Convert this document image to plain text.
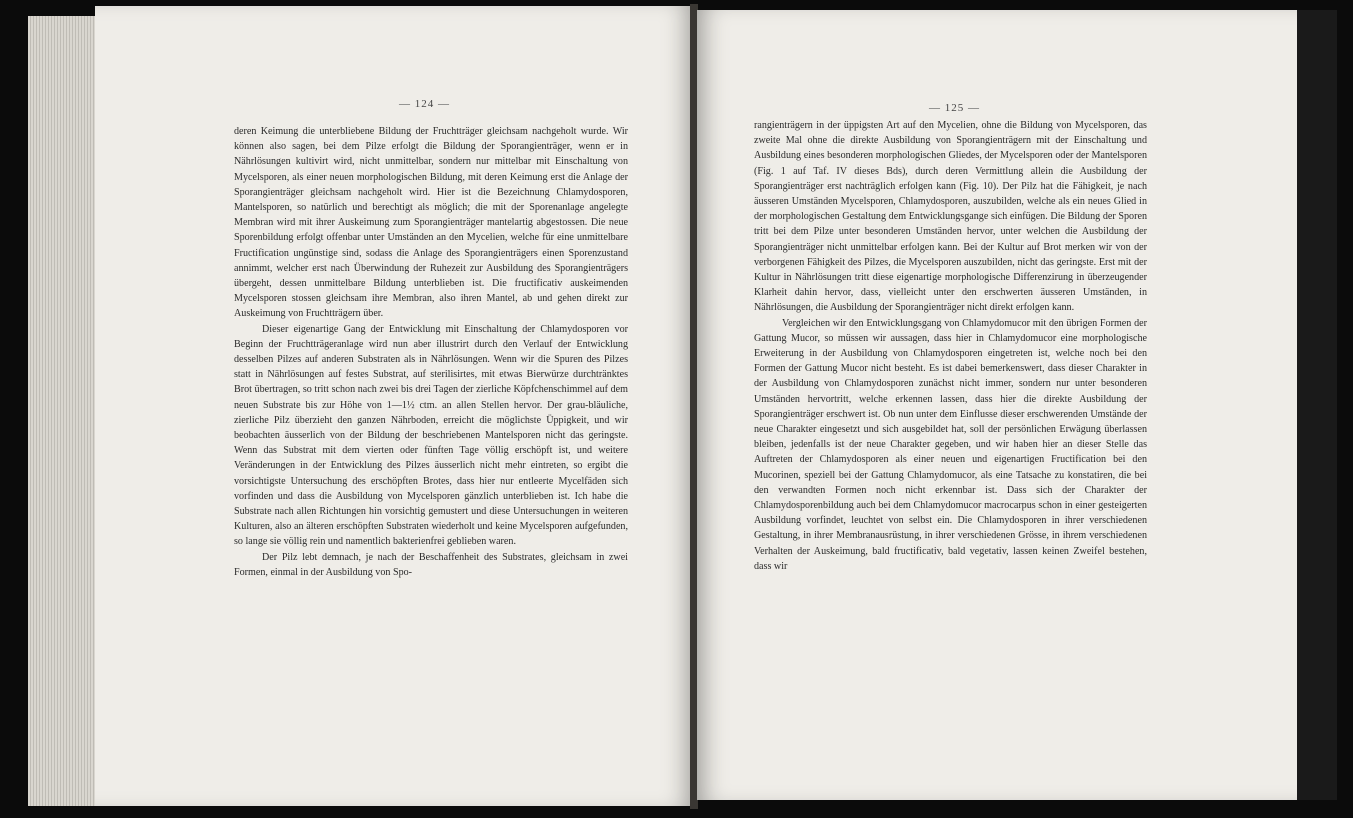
— 124 —

deren Keimung die unterbliebene Bildung der Fruchtträger gleichsam nachgeholt wurde. Wir können also sagen, bei dem Pilze erfolgt die Bildung der Sporangienträger, wenn er in Nährlösungen kultivirt wird, nicht unmittelbar, sondern nur mittelbar mit Einschaltung von Mycelsporen, als einer neuen morphologischen Bildung, mit deren Keimung erst die Anlage der Sporangienträger gleichsam nachgeholt wird. Hier ist die Bezeichnung Chlamydosporen, Mantelsporen, so natürlich und berechtigt als möglich; die mit der Sporenanlage angelegte Membran wird mit ihrer Auskeimung zum Sporangienträger mantelartig abgestossen. Die neue Sporenbildung erfolgt offenbar unter Umständen an den Mycelien, welche für eine unmittelbare Fructification ungünstige sind, sodass die Anlage des Sporangienträgers einen Sporenzustand annimmt, welcher erst nach Überwindung der Ruhezeit zur Ausbildung des Sporangienträgers übergeht, dessen unmittelbare Bildung unterblieben ist. Die fructificativ auskeimenden Mycelsporen stossen gleichsam ihre Membran, also ihren Mantel, ab und gehen direkt zur Auskeimung von Fruchtträgern über.

Dieser eigenartige Gang der Entwicklung mit Einschaltung der Chlamydosporen vor Beginn der Fruchtträgeranlage wird nun aber illustrirt durch den Verlauf der Entwicklung desselben Pilzes auf anderen Substraten als in Nährlösungen. Wenn wir die Spuren des Pilzes statt in Nährlösungen auf festes Substrat, auf sterilisirtes, mit etwas Bierwürze durchtränktes Brot übertragen, so tritt schon nach zwei bis drei Tagen der zierliche Köpfchenschimmel auf dem neuen Substrate bis zur Höhe von 1—1½ ctm. an allen Stellen hervor. Der grau-bläuliche, zierliche Pilz überzieht den ganzen Nährboden, erreicht die möglichste Üppigkeit, und wir beobachten äusserlich von der Bildung der beschriebenen Mantelsporen nicht das geringste. Wenn das Substrat mit dem vierten oder fünften Tage völlig erschöpft ist, und weitere Veränderungen in der Entwicklung des Pilzes äusserlich nicht mehr eintreten, so ergibt die vorsichtigste Untersuchung des erschöpften Brotes, dass hier nur entleerte Mycelfäden sich vorfinden und dass die Ausbildung von Mycelsporen gänzlich unterblieben ist. Ich habe die Substrate nach allen Richtungen hin vorsichtig gemustert und diese Untersuchungen in weiteren Kulturen, also an älteren erschöpften Substraten wiederholt und keine Mycelsporen aufgefunden, so lange sie völlig rein und namentlich bakterienfrei geblieben waren.

Der Pilz lebt demnach, je nach der Beschaffenheit des Substrates, gleichsam in zwei Formen, einmal in der Ausbildung von Spo-

— 125 —

rangienträgern in der üppigsten Art auf den Mycelien, ohne die Bildung von Mycelsporen, das zweite Mal ohne die direkte Ausbildung von Sporangienträgern mit der Einschaltung und Ausbildung eines besonderen morphologischen Gliedes, der Mycelsporen oder der Mantelsporen (Fig. 1 auf Taf. IV dieses Bds), durch deren Vermittlung allein die Ausbildung der Sporangienträger erst nachträglich erfolgen kann (Fig. 10). Der Pilz hat die Fähigkeit, je nach äusseren Umständen Mycelsporen, Chlamydosporen, auszubilden, welche als ein neues Glied in der morphologischen Gestaltung dem Entwicklungsgange sich einfügen. Die Bildung der Sporen tritt bei dem Pilze unter besonderen Umständen hervor, unter welchen die Ausbildung der Sporangienträger nicht unmittelbar erfolgen kann. Bei der Kultur auf Brot merken wir von der verborgenen Fähigkeit des Pilzes, die Mycelsporen auszubilden, nicht das geringste. Erst mit der Kultur in Nährlösungen tritt diese eigenartige morphologische Differenzirung in überzeugender Klarheit dahin hervor, dass, vielleicht unter den erschwerten äusseren Umständen, in Nährlösungen, die Ausbildung der Sporangienträger nicht direkt erfolgen kann.

Vergleichen wir den Entwicklungsgang von Chlamydomucor mit den übrigen Formen der Gattung Mucor, so müssen wir aussagen, dass hier in Chlamydomucor eine morphologische Erweiterung in der Ausbildung von Chlamydosporen eingetreten ist, welche noch bei den Formen der Gattung Mucor nicht besteht. Es ist dabei bemerkenswert, dass dieser Charakter in der Ausbildung von Chlamydosporen zunächst nicht immer, sondern nur unter besonderen Umständen hervortritt, welche erkennen lassen, dass hier die direkte Ausbildung der Sporangienträger erschwert ist. Ob nun unter dem Einflusse dieser erschwerenden Umstände der neue Charakter eingesetzt und sich ausgebildet hat, soll der persönlichen Erwägung überlassen bleiben, jedenfalls ist der neue Charakter gegeben, und wir haben hier an dieser Stelle das Auftreten der Chlamydosporen als einer neuen und eigenartigen Fructification bei den Mucorinen, speziell bei der Gattung Chlamydomucor, als eine Tatsache zu konstatiren, die bei den verwandten Formen noch nicht erkennbar ist. Dass sich der Charakter der Chlamydosporenbildung auch bei dem Chlamydomucor macrocarpus schon in einer gesteigerten Ausbildung vorfindet, leuchtet von selbst ein. Die Chlamydosporen in ihrer verschiedenen Gestaltung, in ihrer Membranausrüstung, in ihrer verschiedenen Grösse, in ihrem verschiedenen Verhalten der Auskeimung, bald fructificativ, bald vegetativ, lassen keinen Zweifel bestehen, dass wir
